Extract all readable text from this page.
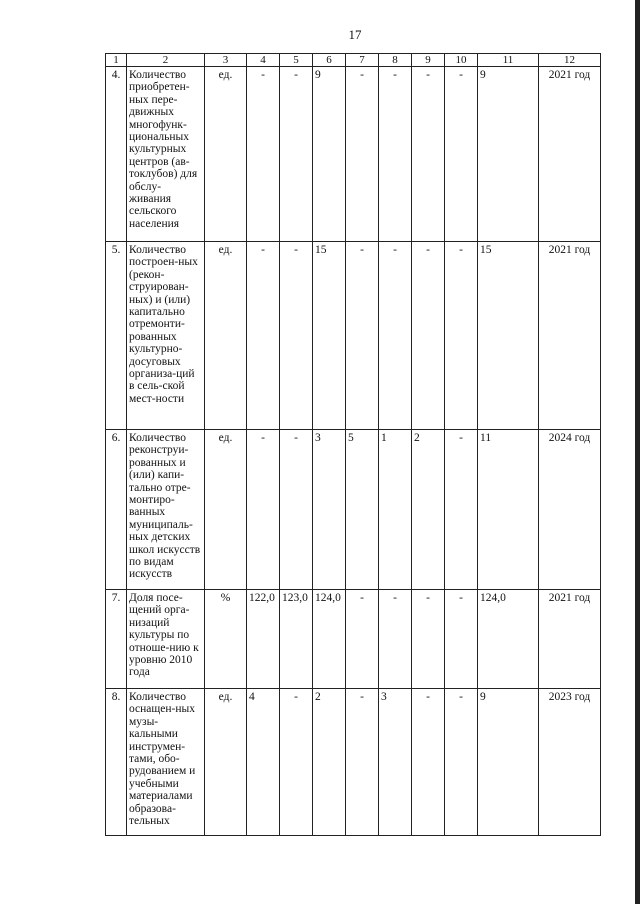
17
1	2	3	4	5	6	7	8	9	10	11	12
4.	Количество приобретен-ных пере-движных многофунк-циональных культурных центров (ав-токлубов) для обслу-живания сельского населения	ед.	-	-	9	-	-	-	-	9	2021 год
5.	Количество построен-ных (рекон-струирован-ных) и (или) капитально отремонти-рованных культурно-досуговых организа-ций в сель-ской мест-ности	ед.	-	-	15	-	-	-	-	15	2021 год
6.	Количество реконструи-рованных и (или) капи-тально отре-монтиро-ванных муниципаль-ных детских школ искусств по видам искусств	ед.	-	-	3	5	1	2	-	11	2024 год
7.	Доля посе-щений орга-низаций культуры по отноше-нию к уровню 2010 года	%	122,0	123,0	124,0	-	-	-	-	124,0	2021 год
8.	Количество оснащен-ных музы-кальными инструмен-тами, обо-рудованием и учебными материалами образова-тельных	ед.	4	-	2	-	3	-	-	9	2023 год
